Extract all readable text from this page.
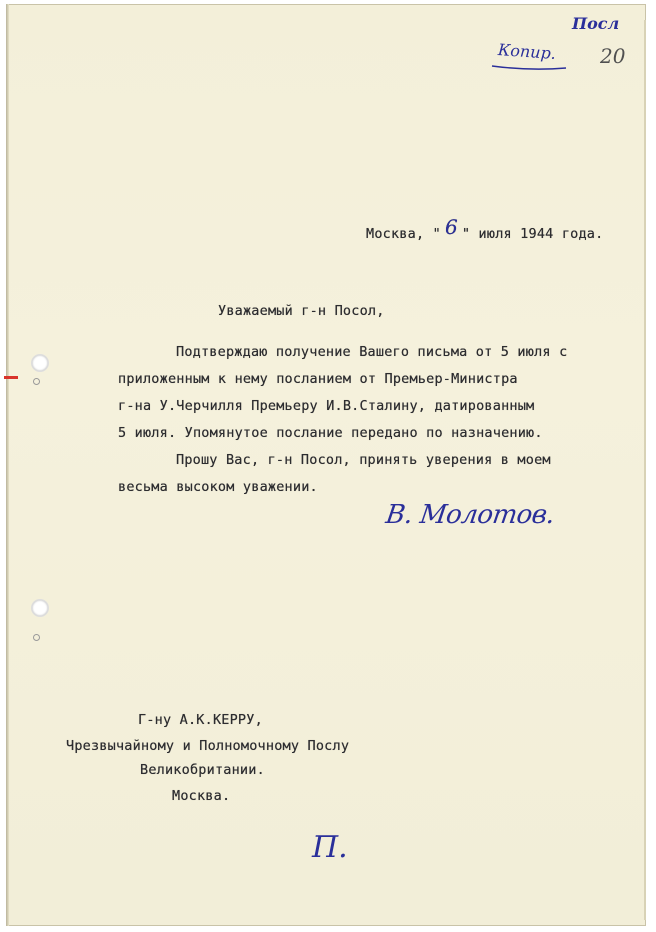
Посл
Копир. 20
Москва, " 6 " июля 1944 года.
Уважаемый г-н Посол,
Подтверждаю получение Вашего письма от 5 июля с
приложенным к нему посланием от Премьер-Министра
г-на У.Черчилля Премьеру И.В.Сталину, датированным
5 июля. Упомянутое послание передано по назначению.
Прошу Вас, г-н Посол, принять уверения в моем
весьма высоком уважении.
В. Молотов.
Г-ну А.К.КЕРРУ,
Чрезвычайному и Полномочному Послу
Великобритании.
Москва.
П.
